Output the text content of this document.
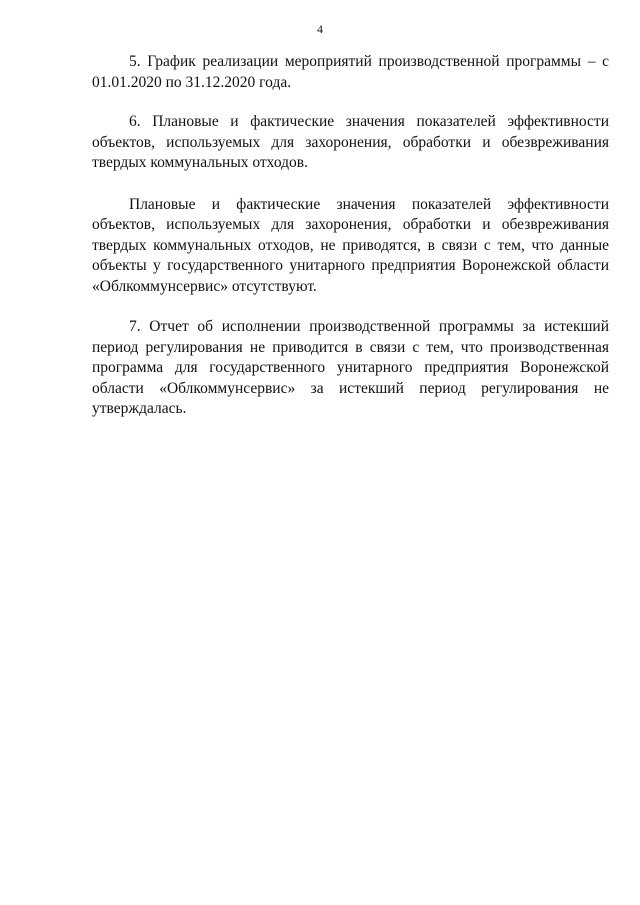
4

5. График реализации мероприятий производственной программы – с 01.01.2020 по 31.12.2020 года.

6. Плановые и фактические значения показателей эффективности объектов, используемых для захоронения, обработки и обезвреживания твердых коммунальных отходов.

Плановые и фактические значения показателей эффективности объектов, используемых для захоронения, обработки и обезвреживания твердых коммунальных отходов, не приводятся, в связи с тем, что данные объекты у государственного унитарного предприятия Воронежской области «Облкоммунсервис» отсутствуют.

7. Отчет об исполнении производственной программы за истекший период регулирования не приводится в связи с тем, что производственная программа для государственного унитарного предприятия Воронежской области «Облкоммунсервис» за истекший период регулирования не утверждалась.
